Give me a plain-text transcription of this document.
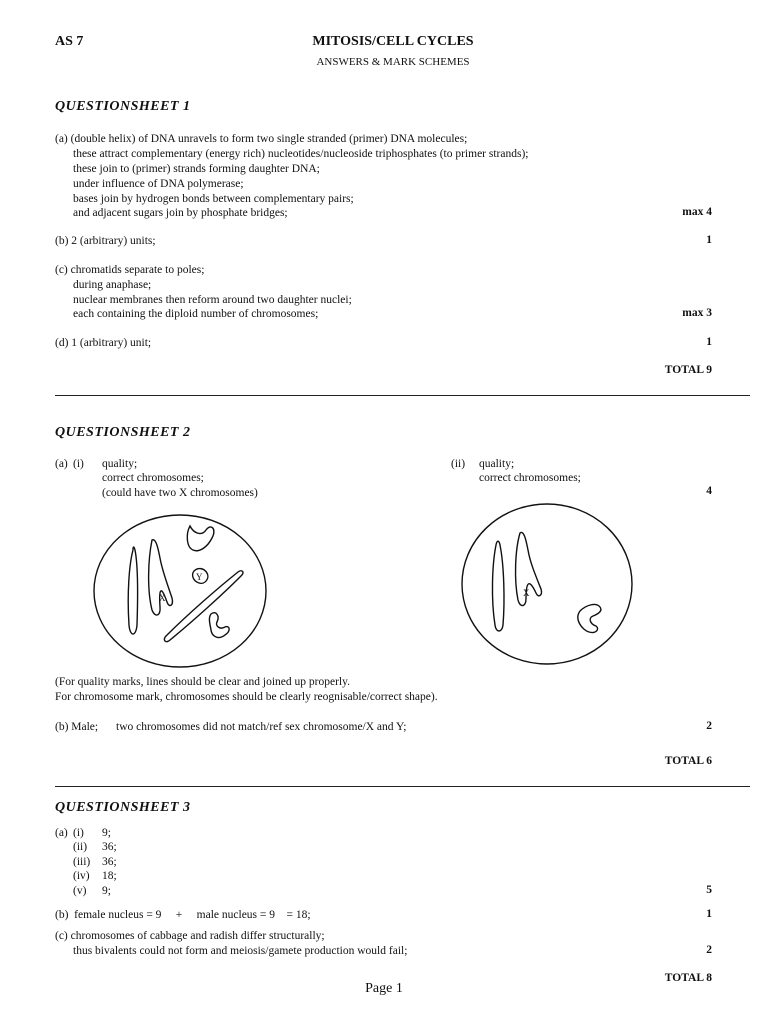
AS 7	MITOSIS/CELL CYCLES
ANSWERS & MARK SCHEMES
QUESTIONSHEET 1
(a) (double helix) of DNA unravels to form two single stranded (primer) DNA molecules;
these attract complementary (energy rich) nucleotides/nucleoside triphosphates (to primer strands);
these join to (primer) strands forming daughter DNA;
under influence of DNA polymerase;
bases join by hydrogen bonds between complementary pairs;
and adjacent sugars join by phosphate bridges;	max 4
(b) 2 (arbitrary) units;	1
(c) chromatids separate to poles;
during anaphase;
nuclear membranes then reform around two daughter nuclei;
each containing the diploid number of chromosomes;	max 3
(d) 1 (arbitrary) unit;	1
TOTAL 9
QUESTIONSHEET 2
(a) (i) quality;
correct chromosomes;
(could have two X chromosomes)
(ii) quality;
correct chromosomes;
4
X
Y
X
(For quality marks, lines should be clear and joined up properly.
For chromosome mark, chromosomes should be clearly reognisable/correct shape).
(b) Male; two chromosomes did not match/ref sex chromosome/X and Y;	2
TOTAL 6
QUESTIONSHEET 3
(a) (i) 9;
(ii) 36;
(iii) 36;
(iv) 18;
(v) 9;	5
(b)  female nucleus = 9     +     male nucleus = 9    = 18;	1
(c) chromosomes of cabbage and radish differ structurally;
thus bivalents could not form and meiosis/gamete production would fail;	2
TOTAL 8
Page 1
